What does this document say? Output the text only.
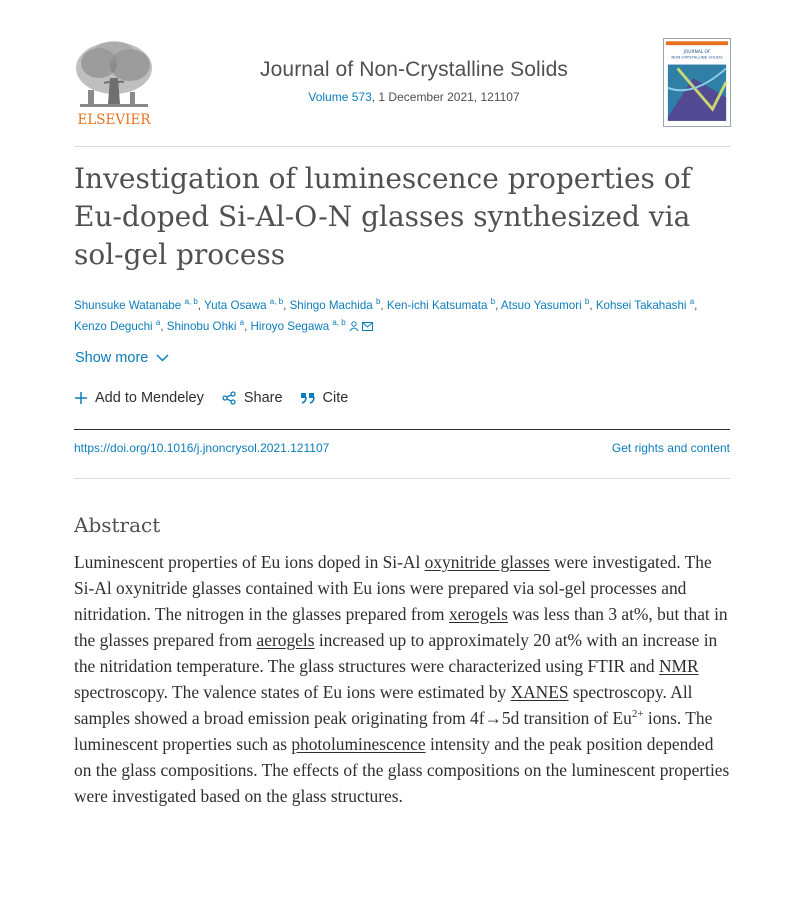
ELSEVIER
Journal of Non-Crystalline Solids
Volume 573, 1 December 2021, 121107
JOURNAL OF
NON-CRYSTALLINE SOLIDS
Investigation of luminescence properties of Eu-doped Si-Al-O-N glasses synthesized via sol-gel process
Shunsuke Watanabe $^{a, b}$, Yuta Osawa $^{a, b}$, Shingo Machida $^b$, Ken-ichi Katsumata $^b$, Atsuo Yasumori $^b$, Kohsei Takahashi $^a$, Kenzo Deguchi $^a$, Shinobu Ohki $^a$, Hiroyo Segawa $^{a, b}$
Show more
Add to Mendeley	Share	Cite
https://doi.org/10.1016/j.jnoncrysol.2021.121107	Get rights and content
Abstract

Luminescent properties of Eu ions doped in Si-Al oxynitride glasses were investigated. The Si-Al oxynitride glasses contained with Eu ions were prepared via sol-gel processes and nitridation. The nitrogen in the glasses prepared from xerogels was less than 3 at%, but that in the glasses prepared from aerogels increased up to approximately 20 at% with an increase in the nitridation temperature. The glass structures were characterized using FTIR and NMR spectroscopy. The valence states of Eu ions were estimated by XANES spectroscopy. All samples showed a broad emission peak originating from 4f→5d transition of $Eu^{2+}$ ions. The luminescent properties such as photoluminescence intensity and the peak position depended on the glass compositions. The effects of the glass compositions on the luminescent properties were investigated based on the glass structures.
